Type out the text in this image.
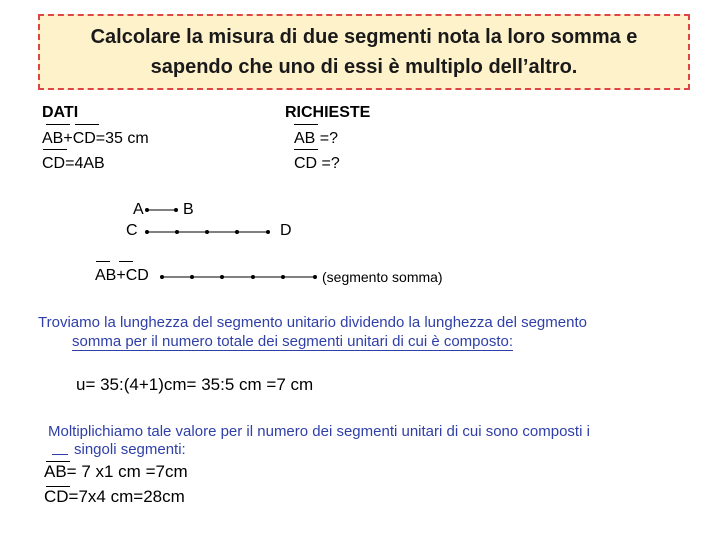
Calcolare la misura di due segmenti nota la loro somma e
sapendo che uno di essi è multiplo dell’altro.
DATI
AB+CD=35 cm
CD=4AB
RICHIESTE
AB =?
CD =?
A B
C	D
AB+CD	(segmento somma)
Troviamo la lunghezza del segmento unitario dividendo la lunghezza del segmento
somma per il numero totale dei segmenti unitari di cui è composto:
u= 35:(4+1)cm= 35:5 cm =7 cm
Moltiplichiamo tale valore per il numero dei segmenti unitari di cui sono composti i
singoli segmenti:
AB= 7 x1 cm =7cm
CD=7x4 cm=28cm
